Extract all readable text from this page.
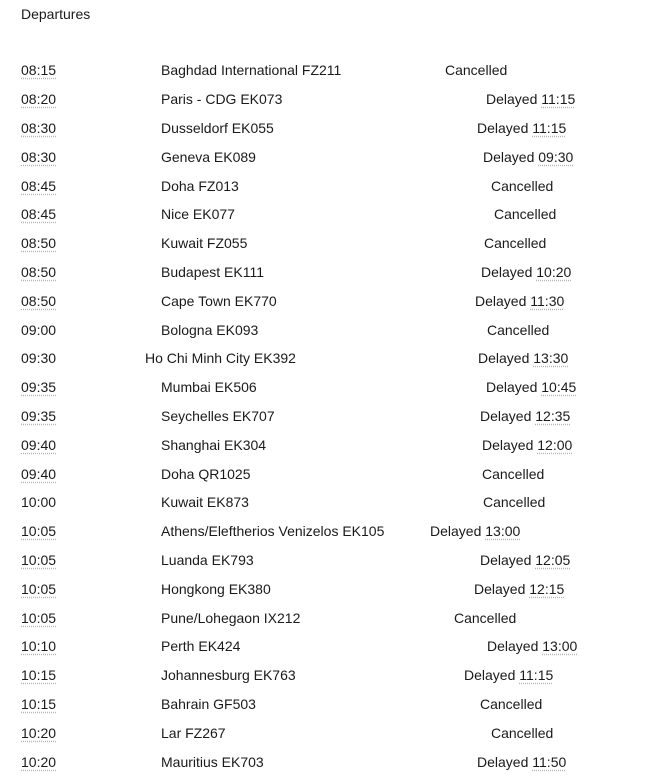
Departures
08:15	Baghdad International FZ211	Cancelled
08:20	Paris - CDG EK073	Delayed 11:15
08:30	Dusseldorf EK055	Delayed 11:15
08:30	Geneva EK089	Delayed 09:30
08:45	Doha FZ013	Cancelled
08:45	Nice EK077	Cancelled
08:50	Kuwait FZ055	Cancelled
08:50	Budapest EK111	Delayed 10:20
08:50	Cape Town EK770	Delayed 11:30
09:00	Bologna EK093	Cancelled
09:30	Ho Chi Minh City EK392	Delayed 13:30
09:35	Mumbai EK506	Delayed 10:45
09:35	Seychelles EK707	Delayed 12:35
09:40	Shanghai EK304	Delayed 12:00
09:40	Doha QR1025	Cancelled
10:00	Kuwait EK873	Cancelled
10:05	Athens/Eleftherios Venizelos EK105	Delayed 13:00
10:05	Luanda EK793	Delayed 12:05
10:05	Hongkong EK380	Delayed 12:15
10:05	Pune/Lohegaon IX212	Cancelled
10:10	Perth EK424	Delayed 13:00
10:15	Johannesburg EK763	Delayed 11:15
10:15	Bahrain GF503	Cancelled
10:20	Lar FZ267	Cancelled
10:20	Mauritius EK703	Delayed 11:50
